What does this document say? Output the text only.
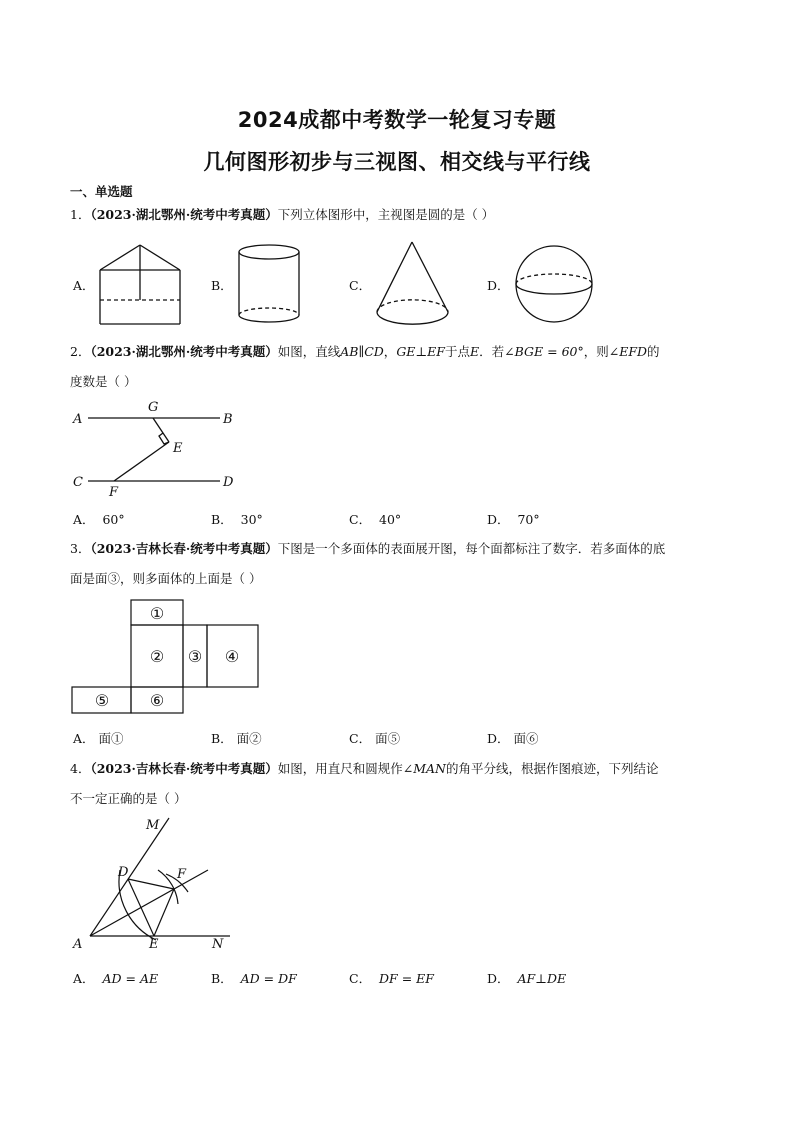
2024成都中考数学一轮复习专题
几何图形初步与三视图、相交线与平行线
一、单选题
1．（2023·湖北鄂州·统考中考真题）下列立体图形中，主视图是圆的是（ ）
A．	B．	C．	D．
2．（2023·湖北鄂州·统考中考真题）如图，直线AB∥CD，GE⊥EF于点E．若∠BGE = 60°，则∠EFD的
度数是（ ）
A	B
G
E
C	D
F
A． 60°	B． 30°	C． 40°	D． 70°
3．（2023·吉林长春·统考中考真题）下图是一个多面体的表面展开图，每个面都标注了数字．若多面体的底
面是面③，则多面体的上面是（ ）
①
② ③ ④
⑤	⑥
A． 面①	B． 面②	C． 面⑤	D． 面⑥
4．（2023·吉林长春·统考中考真题）如图，用直尺和圆规作∠MAN的角平分线，根据作图痕迹，下列结论
不一定正确的是（ ）
M
D	F
A	E	N
A． AD = AE	B． AD = DF	C． DF = EF	D． AF⊥DE
